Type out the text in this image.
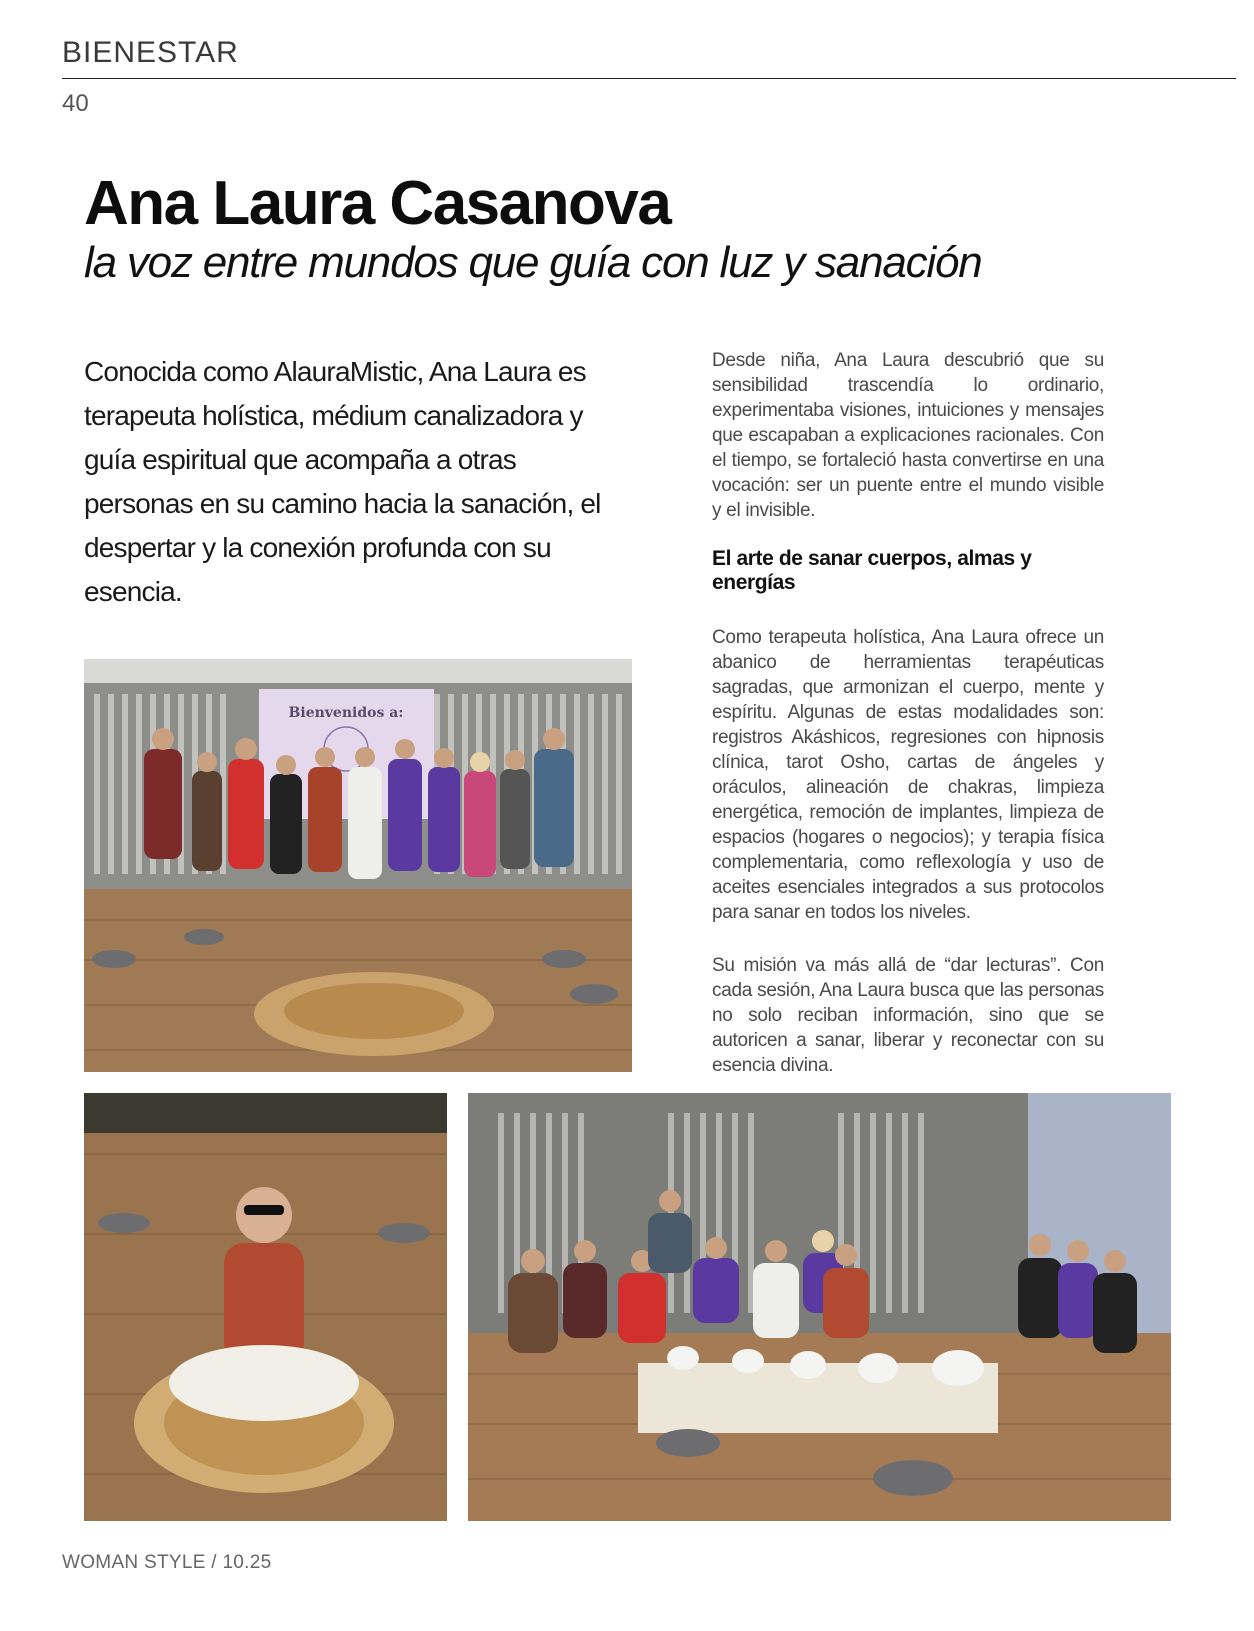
BIENESTAR
40
Ana Laura Casanova
la voz entre mundos que guía con luz y sanación

Conocida como AlauraMistic, Ana Laura es terapeuta holística, médium canalizadora y guía espiritual que acompaña a otras personas en su camino hacia la sanación, el despertar y la conexión profunda con su esencia.

Desde niña, Ana Laura descubrió que su sensibilidad trascendía lo ordinario, experimentaba visiones, intuiciones y mensajes que escapaban a explicaciones racionales. Con el tiempo, se fortaleció hasta convertirse en una vocación: ser un puente entre el mundo visible y el invisible.

El arte de sanar cuerpos, almas y energías

Como terapeuta holística, Ana Laura ofrece un abanico de herramientas terapéuticas sagradas, que armonizan el cuerpo, mente y espíritu. Algunas de estas modalidades son: registros Akáshicos, regresiones con hipnosis clínica, tarot Osho, cartas de ángeles y oráculos, alineación de chakras, limpieza energética, remoción de implantes, limpieza de espacios (hogares o negocios); y terapia física complementaria, como reflexología y uso de aceites esenciales integrados a sus protocolos para sanar en todos los niveles.

Su misión va más allá de “dar lecturas”. Con cada sesión, Ana Laura busca que las personas no solo reciban información, sino que se autoricen a sanar, liberar y reconectar con su esencia divina.

Bienvenidos a:
WOMAN STYLE / 10.25
